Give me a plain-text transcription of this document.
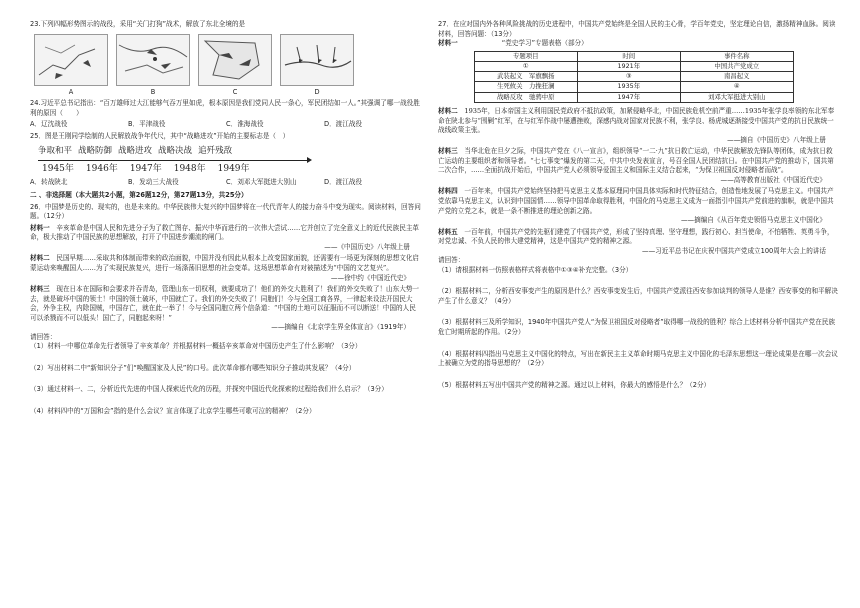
23.下列四幅形势图示的战役，采用“关门打狗”战术，解放了东北全境的是

A	B	C	D

24.习近平总书记指出：“百万雄师过大江能够气吞万里如虎，根本原因是我们党同人民一条心，军民团结如一人。”其强调了哪一战役胜利的原因（　　）

A．辽沈战役	B．平津战役	C．淮海战役	D．渡江战役

25．图是王刚同学绘制的人民解放战争年代尺，其中“战略进攻”开始的主要标志是（　）

争取和平 战略防御 战略进攻 战略决战 追歼残敌
1945年 1946年 1947年 1948年 1949年
A．转战陕北	B．发动三大战役	C．刘邓大军挺进大别山	D．渡江战役

二 、非选择题（本大题共2小题，第26题12分，第27题13分，共25分）

26．中国梦是历史的、现实的，也是未来的。中华民族伟大复兴的中国梦将在一代代青年人的接力奋斗中变为现实。阅读材料，回答问题。（12分）

材料一　 辛亥革命是中国人民和先进分子为了救亡图存、振兴中华而进行的一次伟大尝试……它并创立了完全意义上的近代民族民主革命，极大推动了中国民族的思想解放，打开了中国进步潮流的闸门。

——《中国历史》八年级上册

材料二　 民国早期……采取共和体制而带来的政治面貌，中国并没有因此从根本上改变国家面貌，还需要有一场更为深刻的思想文化启蒙运动来唤醒国人……为了实现民族复兴，进行一场涤荡旧思想的社会变革。这场思想革命有对被描述为“中国的文艺复兴”。

——徐中约《中国近代史》

材料三　 现在日本在国际和会要求并吞青岛，管理山东一切权利，就要成功了！他们的外交大胜利了！我们的外交失败了！山东大势一去，就是破坏中国的领土！中国的领土破坏，中国就亡了。我们的外交失败了！同胞们！今与全国工商各界，一律起来设法开国民大会，外争主权，内除国贼，中国存亡，就在此一举了！今与全国同胞立两个信条道：“中国的土地可以征服而不可以断送！中国的人民可以杀戮而不可以低头！国亡了，同胞起来呀！”

——摘编自《北京学生界全体宣言》（1919年）

请回答：

（1）材料一中哪位革命先行者领导了辛亥革命？并根据材料一概括辛亥革命对中国历史产生了什么影响？（3分）

（2）写出材料二中“新知识分子”们“唤醒国家及人民”的口号。此次革命都有哪些知识分子推动其发展？（4分）

（3）通过材料一、二，分析近代先进的中国人探索近代化的历程，并探究中国近代化探索的过程给我们什么启示？（3分）

（4）材料四中的“万国和会”指的是什么会议？宣言体现了北京学生哪些可歌可泣的精神？（2分）

27．在应对国内外各种风险挑战的历史进程中，中国共产党始终是全国人民的主心骨，学百年党史，坚定理论自信，激扬精神血脉。阅读材料，回答问题：（13分）

材料一	“党史学习”专题表格（部分）
专题项目	时间	事件名称
①	1921年	中国共产党成立
武装起义　军旗飘扬	③	南昌起义
生死攸关　力挽狂澜	1935年	④
战略反攻　驰骋中原	1947年	刘邓大军挺进大别山

材料二　 1935年，日本帝国主义利用国民党政府不抵抗政策，加紧侵略华北，中国民族危机空前严重……1935年张学良率领的东北军奉命在陕北参与“围剿”红军，在与红军作战中屡遭挫败，深感内战对国家对民族不利，张学良、杨虎城逐渐接受中国共产党的抗日民族统一战线政策主张。

——摘自《中国历史》八年级上册

材料三　 当华北危在旦夕之际，中国共产党在《八一宣言》，组织领导“一二·九”抗日救亡运动，中华民族解放先锋队等团体，成为抗日救亡运动的主要组织者和领导者。“七七事变”爆发的第二天，中共中央发表宣言，号召全国人民团结抗日。在中国共产党的推动下，国共第二次合作，……全面抗战开始后，中国共产党人必须领导爱国主义和国际主义结合起来，“为保卫祖国反对侵略者而战”。

——高等教育出版社《中国近代史》

材料四　 一百年来，中国共产党始终坚持把马克思主义基本原理同中国具体实际和时代特征结合，创造性地发展了马克思主义。中国共产党依靠马克思主义，认识到中国国情……领导中国革命取得胜利，中国化的马克思主义成为一面指引中国共产党前进的旗帜，就是中国共产党的立党之本，就是一条不断推进的理论创新之路。

——摘编自《从百年党史领悟马克思主义中国化》

材料五　 一百年前，中国共产党的先驱们建党了中国共产党，形成了坚持真理、坚守理想，践行初心、担当使命，不怕牺牲、英勇斗争，对党忠诚、不负人民的伟大建党精神，这是中国共产党的精神之源。

——习近平总书记在庆祝中国共产党成立100周年大会上的讲话

请回答：

（1）请根据材料一仿照表格样式将表格中①③④补充完整。（3分）

（2）根据材料二，分析西安事变产生的原因是什么？西安事变发生后，中国共产党派往西安参加谈判的领导人是谁？西安事变的和平解决产生了什么意义？（4分）

（3）根据材料三及所学知识，1940年中国共产党人“为保卫祖国反对侵略者”取得哪一战役的胜利？综合上述材料分析中国共产党在民族危亡时期所起的作用。（2分）

（4）根据材料四指出马克思主义中国化的特点，写出在新民主主义革命时期马克思主义中国化的毛泽东思想这一理论成果是在哪一次会议上被确立为党的指导思想的？（2分）

（5）根据材料五写出中国共产党的精神之源。通过以上材料，你最大的感悟是什么？（2分）
